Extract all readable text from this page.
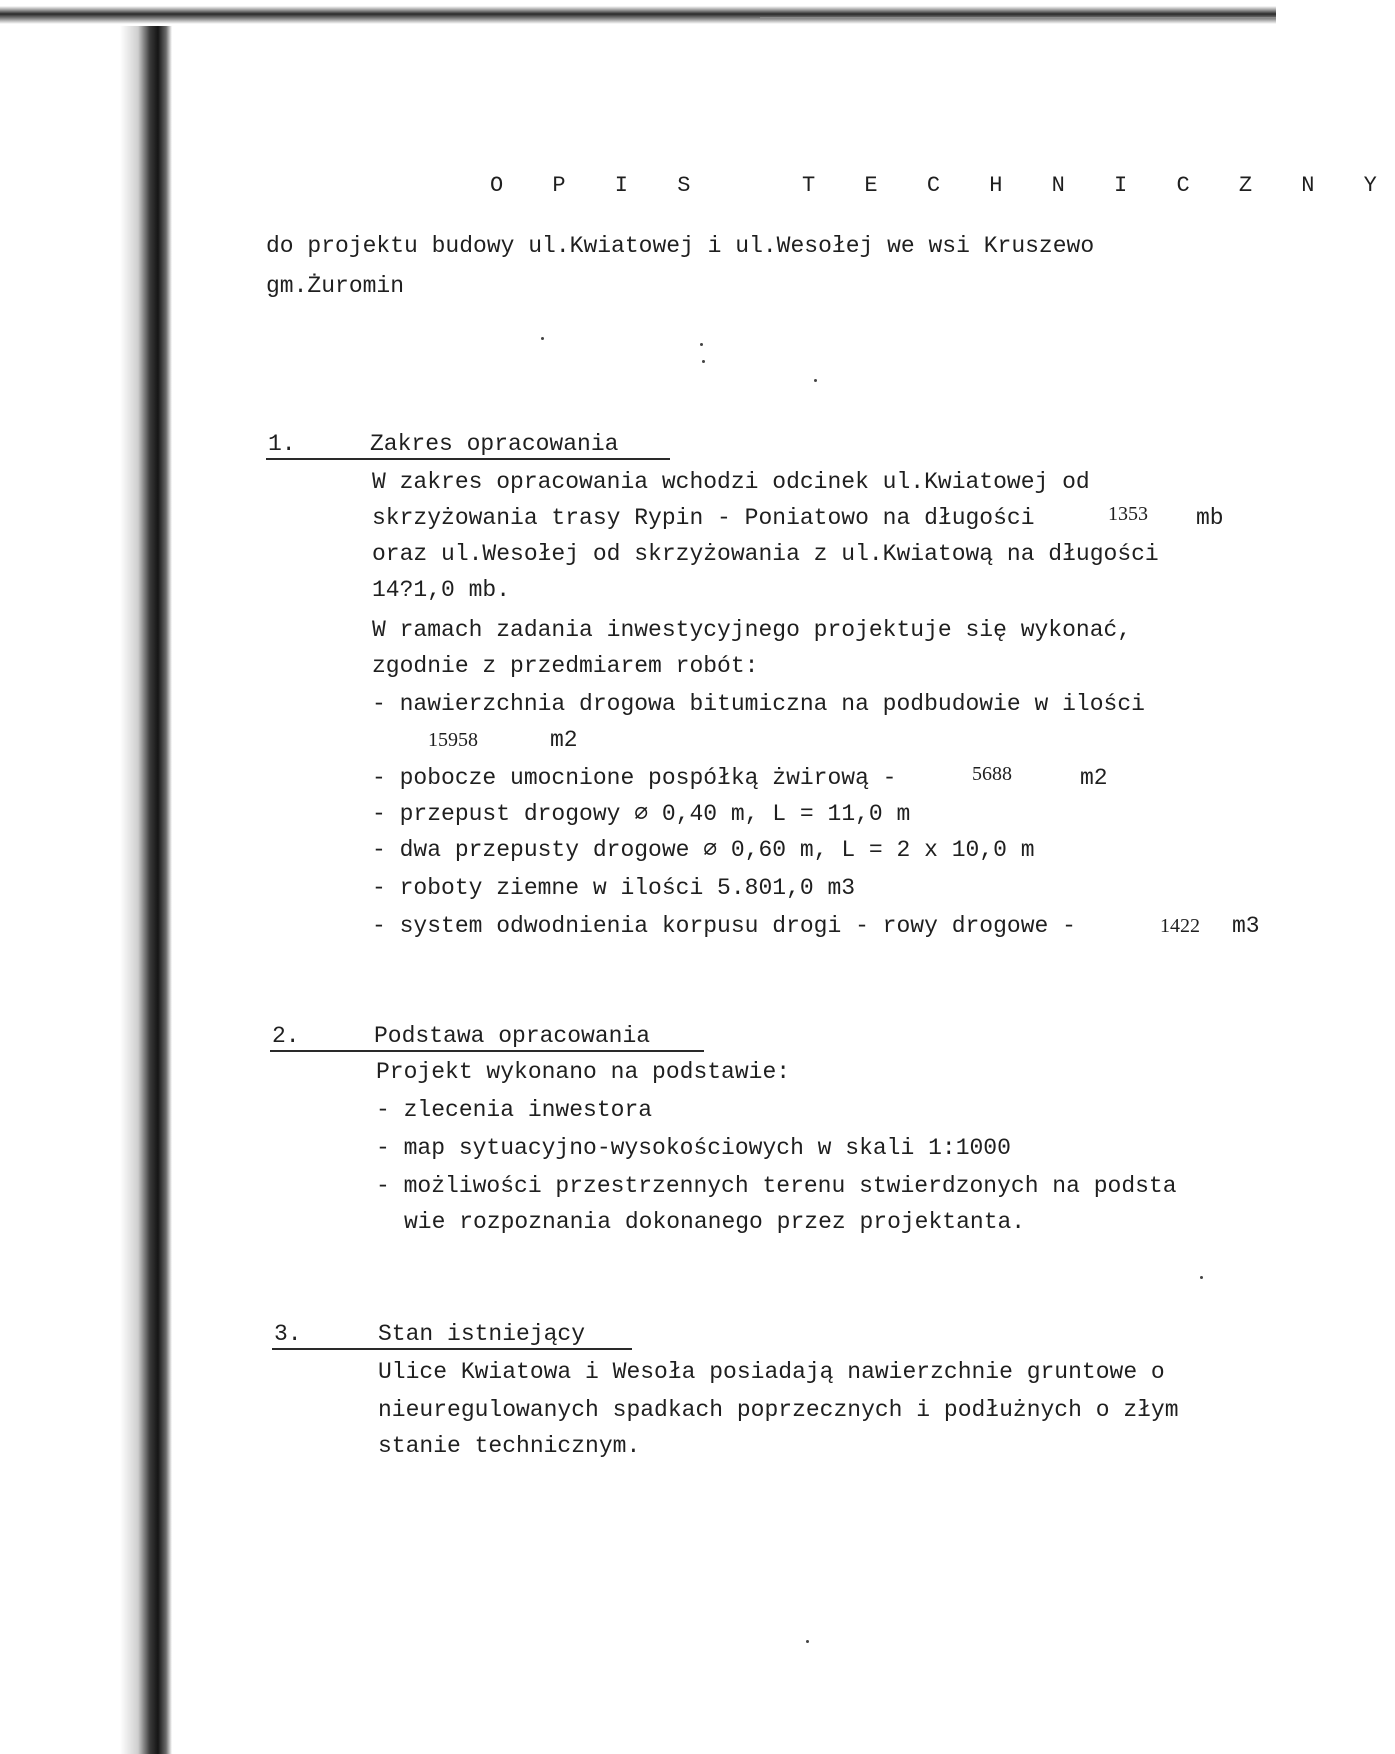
O P I S   T E C H N I C Z N Y
do projektu budowy ul.Kwiatowej i ul.Wesołej we wsi Kruszewo
gm.Żuromin
1.	Zakres opracowania
W zakres opracowania wchodzi odcinek ul.Kwiatowej od
skrzyżowania trasy Rypin - Poniatowo na długości	1353 mb
oraz ul.Wesołej od skrzyżowania z ul.Kwiatową na długości
14?1,0 mb.
W ramach zadania inwestycyjnego projektuje się wykonać,
zgodnie z przedmiarem robót:
- nawierzchnia drogowa bitumiczna na podbudowie w ilości
15958	m2
- pobocze umocnione pospółką żwirową -	5688	m2
- przepust drogowy ∅ 0,40 m, L = 11,0 m
- dwa przepusty drogowe ∅ 0,60 m, L = 2 x 10,0 m
- roboty ziemne w ilości 5.801,0 m3
- system odwodnienia korpusu drogi - rowy drogowe -	1422 m3
2.	Podstawa opracowania
Projekt wykonano na podstawie:
- zlecenia inwestora
- map sytuacyjno-wysokościowych w skali 1:1000
- możliwości przestrzennych terenu stwierdzonych na podsta
wie rozpoznania dokonanego przez projektanta.
3.	Stan istniejący
Ulice Kwiatowa i Wesoła posiadają nawierzchnie gruntowe o
nieuregulowanych spadkach poprzecznych i podłużnych o złym
stanie technicznym.
